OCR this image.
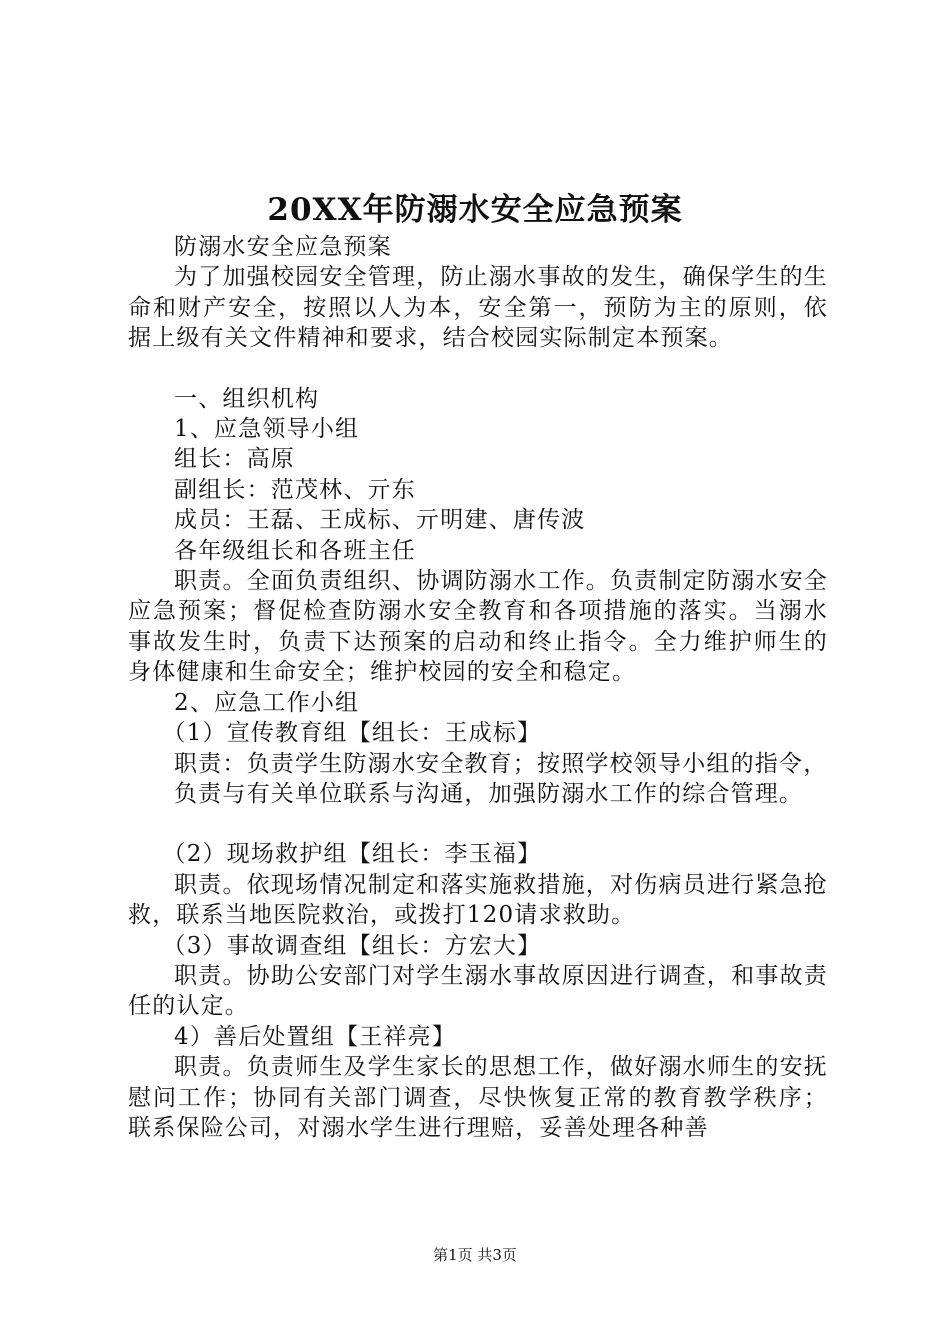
20XX年防溺水安全应急预案

防溺水安全应急预案

为了加强校园安全管理，防止溺水事故的发生，确保学生的生命和财产安全，按照以人为本，安全第一，预防为主的原则，依据上级有关文件精神和要求，结合校园实际制定本预案。

一、组织机构

1、应急领导小组

组长：高原

副组长：范茂林、亓东

成员：王磊、王成标、亓明建、唐传波

各年级组长和各班主任

职责。全面负责组织、协调防溺水工作。负责制定防溺水安全应急预案；督促检查防溺水安全教育和各项措施的落实。当溺水事故发生时，负责下达预案的启动和终止指令。全力维护师生的身体健康和生命安全；维护校园的安全和稳定。

2、应急工作小组

（1）宣传教育组【组长：王成标】

职责：负责学生防溺水安全教育；按照学校领导小组的指令，

负责与有关单位联系与沟通，加强防溺水工作的综合管理。

（2）现场救护组【组长：李玉福】

职责。依现场情况制定和落实施救措施，对伤病员进行紧急抢救，联系当地医院救治，或拨打120请求救助。

（3）事故调查组【组长：方宏大】

职责。协助公安部门对学生溺水事故原因进行调查，和事故责任的认定。

4）善后处置组【王祥亮】

职责。负责师生及学生家长的思想工作，做好溺水师生的安抚慰问工作；协同有关部门调查，尽快恢复正常的教育教学秩序；联系保险公司，对溺水学生进行理赔，妥善处理各种善

第1页 共3页
